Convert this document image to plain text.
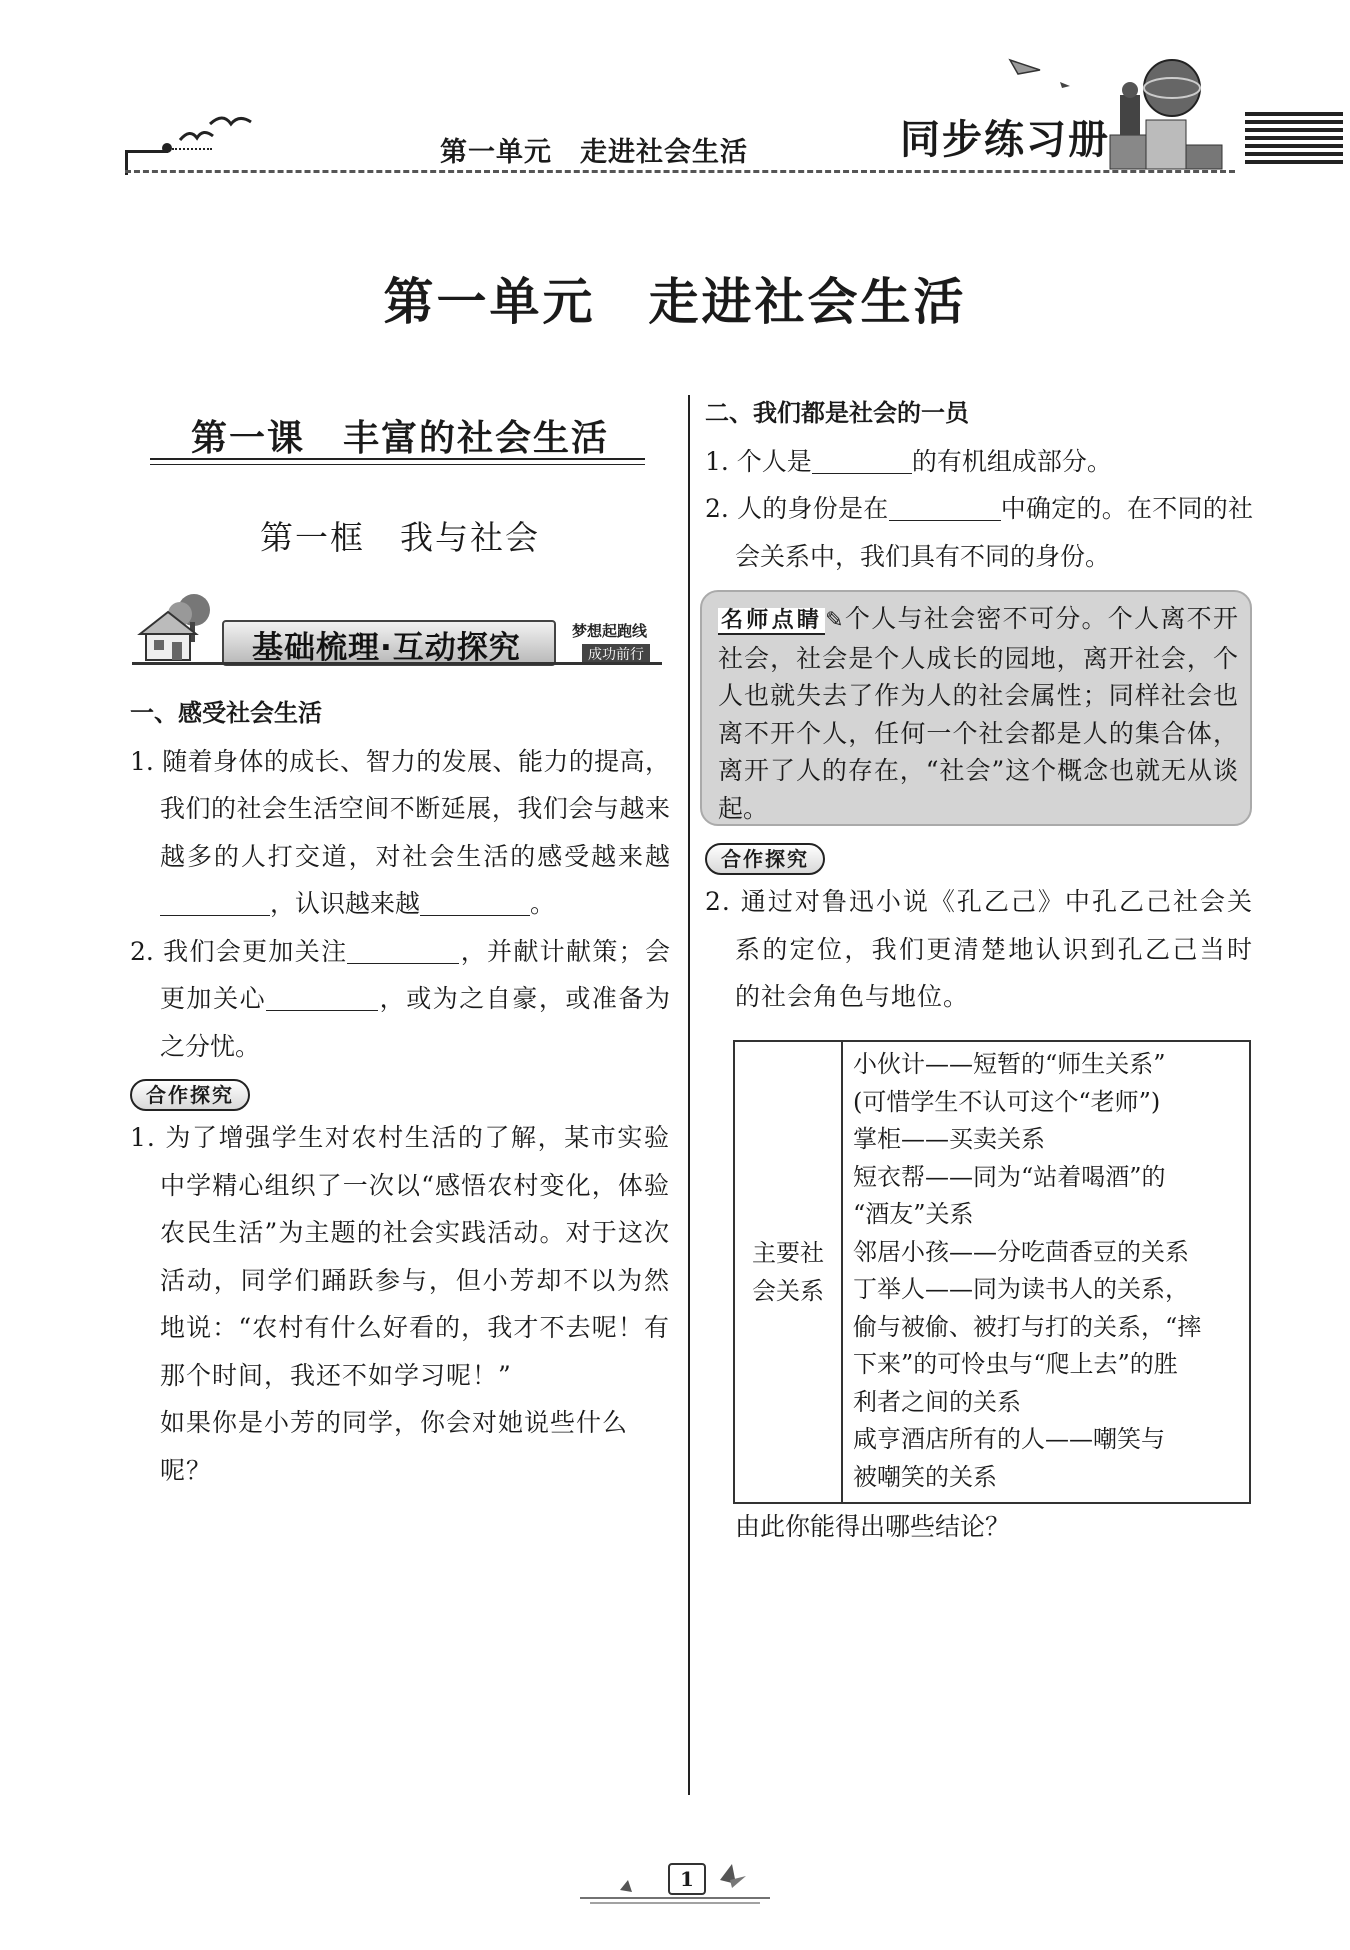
第一单元　走进社会生活	同步练习册
第一单元　走进社会生活
第一课　丰富的社会生活
第一框　我与社会
基础梳理·互动探究	梦想起跑线
成功前行
一、感受社会生活
1. 随着身体的成长、智力的发展、能力的提高，我们的社会生活空间不断延展，我们会与越来越多的人打交道，对社会生活的感受越来越，认识越来越	。
2. 我们会更加关注	，并献计献策；会更加关心	，或为之自豪，或准备为之分忧。
合作探究
1. 为了增强学生对农村生活的了解，某市实验中学精心组织了一次以“感悟农村变化，体验农民生活”为主题的社会实践活动。对于这次活动，同学们踊跃参与，但小芳却不以为然地说：“农村有什么好看的，我才不去呢！有那个时间，我还不如学习呢！”
如果你是小芳的同学，你会对她说些什么呢？
二、我们都是社会的一员
1. 个人是	的有机组成部分。
2. 人的身份是在	中确定的。在不同的社会关系中，我们具有不同的身份。
名师点睛 ✎个人与社会密不可分。个人离不开社会，社会是个人成长的园地，离开社会，个人也就失去了作为人的社会属性；同样社会也离不开个人，任何一个社会都是人的集合体，离开了人的存在，“社会”这个概念也就无从谈起。
合作探究
2. 通过对鲁迅小说《孔乙己》中孔乙己社会关系的定位，我们更清楚地认识到孔乙己当时的社会角色与地位。
主要社会关系	
小伙计——短暂的“师生关系”
(可惜学生不认可这个“老师”)
掌柜——买卖关系
短衣帮——同为“站着喝酒”的
“酒友”关系
邻居小孩——分吃茴香豆的关系
丁举人——同为读书人的关系，
偷与被偷、被打与打的关系，“摔
下来”的可怜虫与“爬上去”的胜
利者之间的关系
咸亨酒店所有的人——嘲笑与
被嘲笑的关系
由此你能得出哪些结论？
1
